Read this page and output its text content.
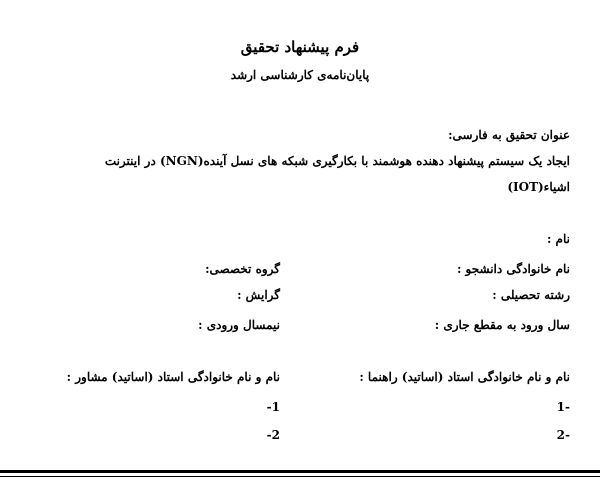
فرم پیشنهاد تحقیق
پایان‌نامه‌ی کارشناسی ارشد
عنوان تحقیق به فارسی:
ایجاد یک سیستم پیشنهاد دهنده هوشمند با بکارگیری شبکه های نسل آینده(NGN) در اینترنت
اشیاء(IOT)
نام :
نام خانوادگی دانشجو :
گروه تخصصی:
رشته تحصیلی :
گرایش :
سال ورود به مقطع جاری :
نیمسال ورودی :
نام و نام خانوادگی استاد (اساتید) راهنما :
نام و نام خانوادگی استاد (اساتید) مشاور :
-1
-2
1-
2-
